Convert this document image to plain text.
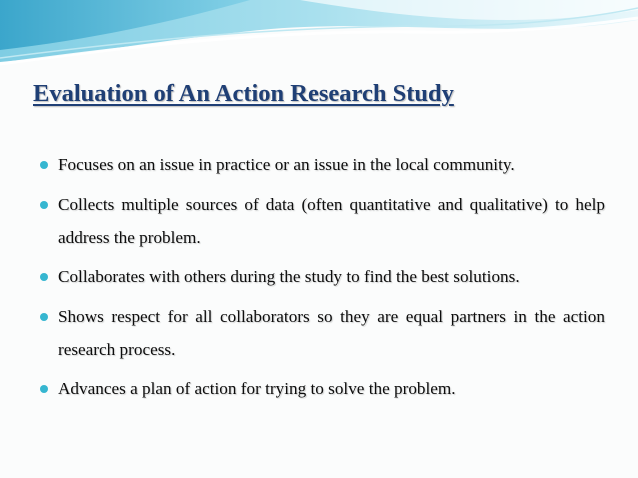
Evaluation of An Action Research Study
Focuses on an issue in practice or an issue in the local community.
Collects multiple sources of data (often quantitative and qualitative) to help address the problem.
Collaborates with others during the study to find the best solutions.
Shows respect for all collaborators so they are equal partners in the action research process.
Advances a plan of action for trying to solve the problem.
